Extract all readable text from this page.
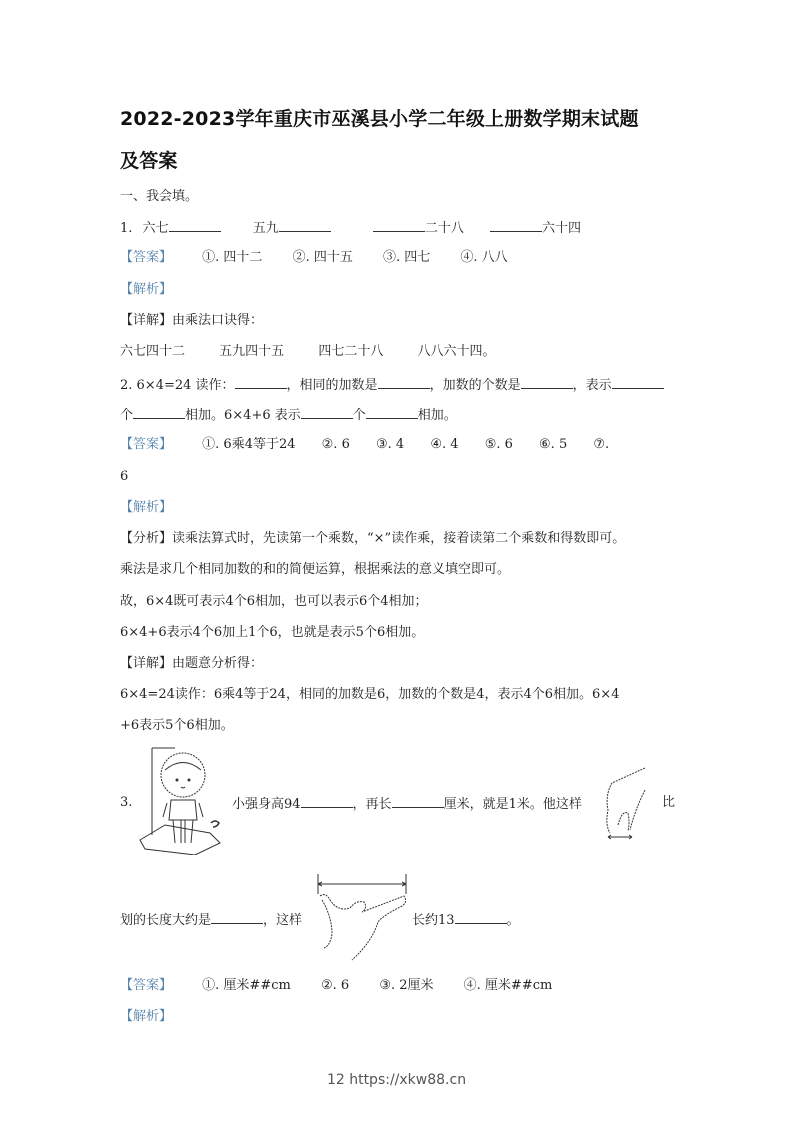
2022-2023学年重庆市巫溪县小学二年级上册数学期末试题
及答案
一、我会填。
1. 六七	五九	二十八	六十四
【答案】 ①. 四十二 ②. 四十五 ③. 四七 ④. 八八
【解析】
【详解】由乘法口诀得：
六七四十二	五九四十五	四七二十八	八八六十四。
2. 6×4=24 读作：	，相同的加数是	，加数的个数是	，表示
个	相加。6×4+6 表示	个	相加。
【答案】 ①. 6乘4等于24 ②. 6 ③. 4 ④. 4 ⑤. 6 ⑥. 5 ⑦.
6
【解析】
【分析】读乘法算式时，先读第一个乘数，“×”读作乘，接着读第二个乘数和得数即可。
乘法是求几个相同加数的和的简便运算，根据乘法的意义填空即可。
故，6×4既可表示4个6相加，也可以表示6个4相加；
6×4+6表示4个6加上1个6，也就是表示5个6相加。
【详解】由题意分析得：
6×4=24读作：6乘4等于24，相同的加数是6，加数的个数是4，表示4个6相加。6×4
+6表示5个6相加。
3.	小强身高94	，再长	厘米，就是1米。他这样	比
划的长度大约是	，这样	长约13	。
【答案】 ①. 厘米##cm ②. 6 ③. 2厘米 ④. 厘米##cm
【解析】
12 https://xkw88.cn
